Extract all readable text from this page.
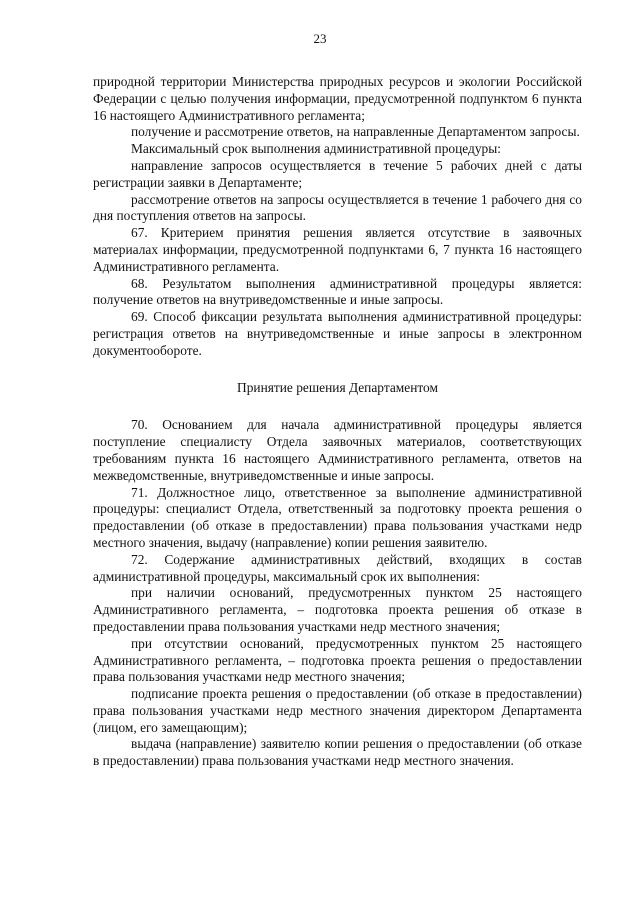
23

природной территории Министерства природных ресурсов и экологии Российской Федерации с целью получения информации, предусмотренной подпунктом 6 пункта 16 настоящего Административного регламента;

получение и рассмотрение ответов, на направленные Департаментом запросы.

Максимальный срок выполнения административной процедуры:

направление запросов осуществляется в течение 5 рабочих дней с даты регистрации заявки в Департаменте;

рассмотрение ответов на запросы осуществляется в течение 1 рабочего дня со дня поступления ответов на запросы.

67. Критерием принятия решения является отсутствие в заявочных материалах информации, предусмотренной подпунктами 6, 7 пункта 16 настоящего Административного регламента.

68. Результатом выполнения административной процедуры является: получение ответов на внутриведомственные и иные запросы.

69. Способ фиксации результата выполнения административной процедуры: регистрация ответов на внутриведомственные и иные запросы в электронном документообороте.

Принятие решения Департаментом

70. Основанием для начала административной процедуры является поступление специалисту Отдела заявочных материалов, соответствующих требованиям пункта 16 настоящего Административного регламента, ответов на межведомственные, внутриведомственные и иные запросы.

71. Должностное лицо, ответственное за выполнение административной процедуры: специалист Отдела, ответственный за подготовку проекта решения о предоставлении (об отказе в предоставлении) права пользования участками недр местного значения, выдачу (направление) копии решения заявителю.

72. Содержание административных действий, входящих в состав административной процедуры, максимальный срок их выполнения:

при наличии оснований, предусмотренных пунктом 25 настоящего Административного регламента, – подготовка проекта решения об отказе в предоставлении права пользования участками недр местного значения;

при отсутствии оснований, предусмотренных пунктом 25 настоящего Административного регламента, – подготовка проекта решения о предоставлении права пользования участками недр местного значения;

подписание проекта решения о предоставлении (об отказе в предоставлении) права пользования участками недр местного значения директором Департамента (лицом, его замещающим);

выдача (направление) заявителю копии решения о предоставлении (об отказе в предоставлении) права пользования участками недр местного значения.
